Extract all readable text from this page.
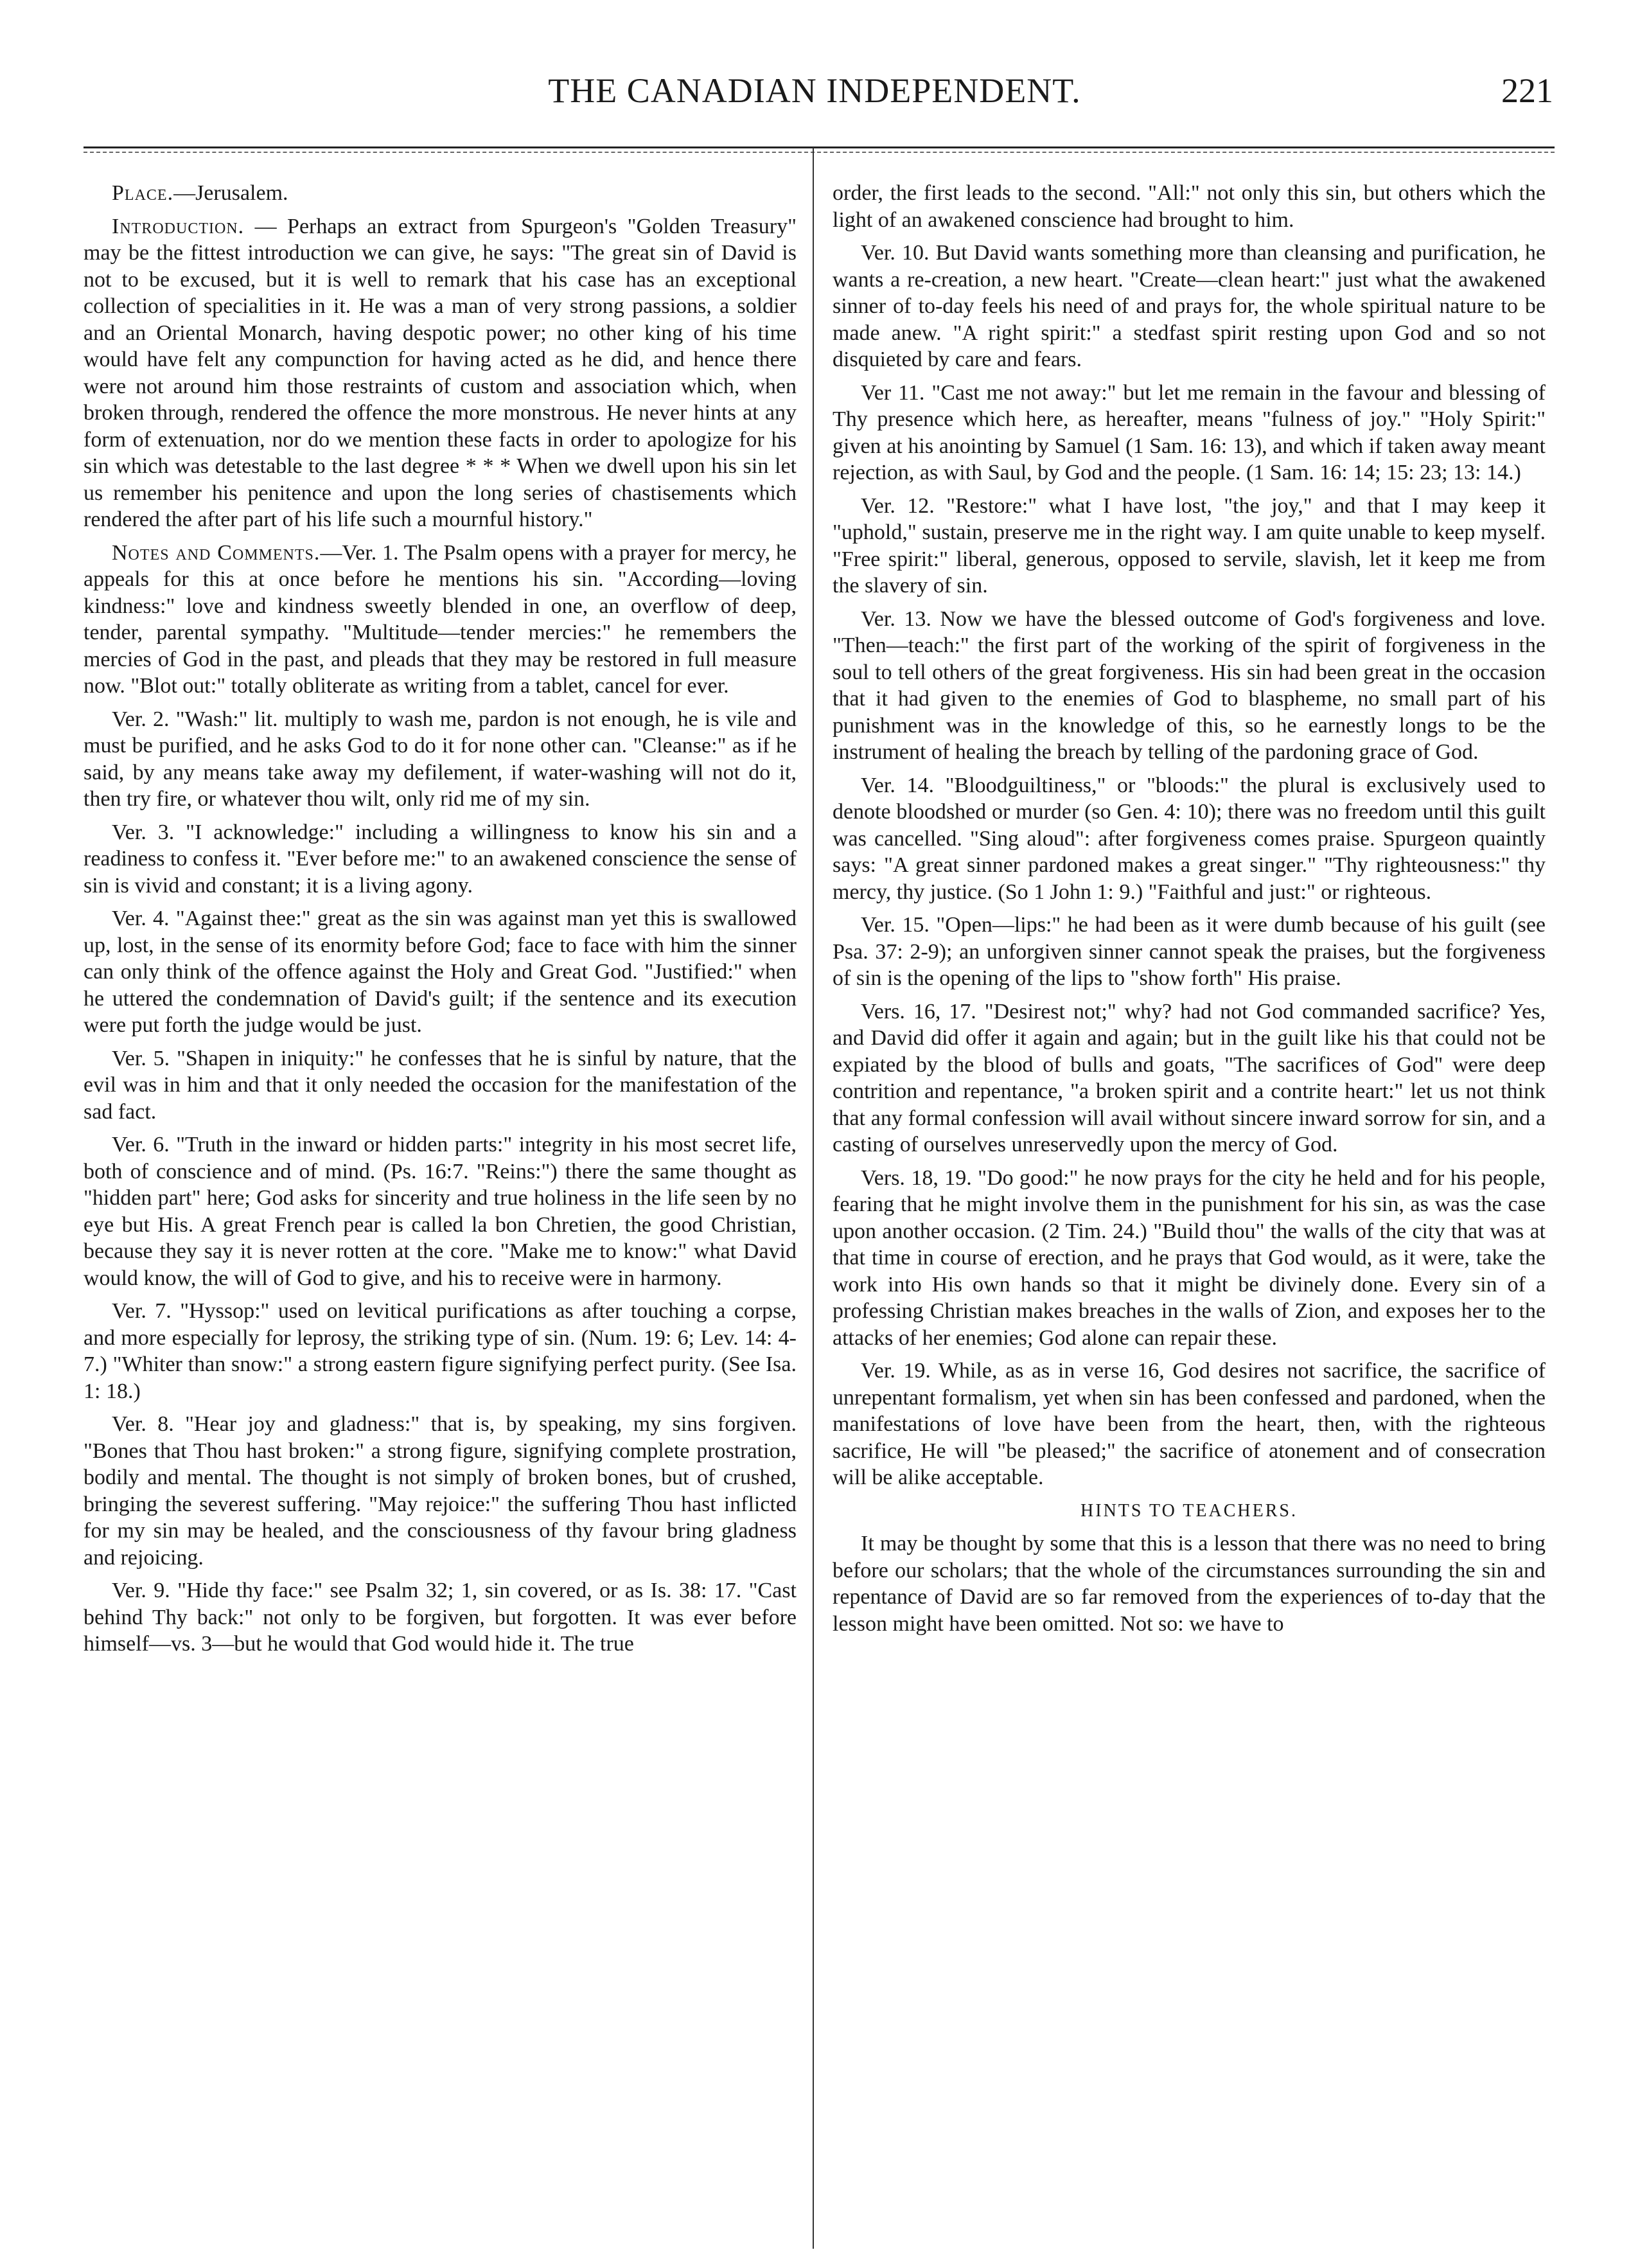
THE CANADIAN INDEPENDENT.	221

Place.—Jerusalem.

Introduction. — Perhaps an extract from Spurgeon's "Golden Treasury" may be the fittest introduction we can give, he says: "The great sin of David is not to be excused, but it is well to remark that his case has an exceptional collection of specialities in it. He was a man of very strong passions, a soldier and an Oriental Monarch, having despotic power; no other king of his time would have felt any compunction for having acted as he did, and hence there were not around him those restraints of custom and association which, when broken through, rendered the offence the more monstrous. He never hints at any form of extenuation, nor do we mention these facts in order to apologize for his sin which was detestable to the last degree * * * When we dwell upon his sin let us remember his penitence and upon the long series of chastisements which rendered the after part of his life such a mournful history."

Notes and Comments.—Ver. 1. The Psalm opens with a prayer for mercy, he appeals for this at once before he mentions his sin. "According—loving kindness:" love and kindness sweetly blended in one, an overflow of deep, tender, parental sympathy. "Multitude—tender mercies:" he remembers the mercies of God in the past, and pleads that they may be restored in full measure now. "Blot out:" totally obliterate as writing from a tablet, cancel for ever.

Ver. 2. "Wash:" lit. multiply to wash me, pardon is not enough, he is vile and must be purified, and he asks God to do it for none other can. "Cleanse:" as if he said, by any means take away my defilement, if water-washing will not do it, then try fire, or whatever thou wilt, only rid me of my sin.

Ver. 3. "I acknowledge:" including a willingness to know his sin and a readiness to confess it. "Ever before me:" to an awakened conscience the sense of sin is vivid and constant; it is a living agony.

Ver. 4. "Against thee:" great as the sin was against man yet this is swallowed up, lost, in the sense of its enormity before God; face to face with him the sinner can only think of the offence against the Holy and Great God. "Justified:" when he uttered the condemnation of David's guilt; if the sentence and its execution were put forth the judge would be just.

Ver. 5. "Shapen in iniquity:" he confesses that he is sinful by nature, that the evil was in him and that it only needed the occasion for the manifestation of the sad fact.

Ver. 6. "Truth in the inward or hidden parts:" integrity in his most secret life, both of conscience and of mind. (Ps. 16:7. "Reins:") there the same thought as "hidden part" here; God asks for sincerity and true holiness in the life seen by no eye but His. A great French pear is called la bon Chretien, the good Christian, because they say it is never rotten at the core. "Make me to know:" what David would know, the will of God to give, and his to receive were in harmony.

Ver. 7. "Hyssop:" used on levitical purifications as after touching a corpse, and more especially for leprosy, the striking type of sin. (Num. 19: 6; Lev. 14: 4-7.) "Whiter than snow:" a strong eastern figure signifying perfect purity. (See Isa. 1: 18.)

Ver. 8. "Hear joy and gladness:" that is, by speaking, my sins forgiven. "Bones that Thou hast broken:" a strong figure, signifying complete prostration, bodily and mental. The thought is not simply of broken bones, but of crushed, bringing the severest suffering. "May rejoice:" the suffering Thou hast inflicted for my sin may be healed, and the consciousness of thy favour bring gladness and rejoicing.

Ver. 9. "Hide thy face:" see Psalm 32; 1, sin covered, or as Is. 38: 17. "Cast behind Thy back:" not only to be forgiven, but forgotten. It was ever before himself—vs. 3—but he would that God would hide it. The true

order, the first leads to the second. "All:" not only this sin, but others which the light of an awakened conscience had brought to him.

Ver. 10. But David wants something more than cleansing and purification, he wants a re-creation, a new heart. "Create—clean heart:" just what the awakened sinner of to-day feels his need of and prays for, the whole spiritual nature to be made anew. "A right spirit:" a stedfast spirit resting upon God and so not disquieted by care and fears.

Ver 11. "Cast me not away:" but let me remain in the favour and blessing of Thy presence which here, as hereafter, means "fulness of joy." "Holy Spirit:" given at his anointing by Samuel (1 Sam. 16: 13), and which if taken away meant rejection, as with Saul, by God and the people. (1 Sam. 16: 14; 15: 23; 13: 14.)

Ver. 12. "Restore:" what I have lost, "the joy," and that I may keep it "uphold," sustain, preserve me in the right way. I am quite unable to keep myself. "Free spirit:" liberal, generous, opposed to servile, slavish, let it keep me from the slavery of sin.

Ver. 13. Now we have the blessed outcome of God's forgiveness and love. "Then—teach:" the first part of the working of the spirit of forgiveness in the soul to tell others of the great forgiveness. His sin had been great in the occasion that it had given to the enemies of God to blaspheme, no small part of his punishment was in the knowledge of this, so he earnestly longs to be the instrument of healing the breach by telling of the pardoning grace of God.

Ver. 14. "Bloodguiltiness," or "bloods:" the plural is exclusively used to denote bloodshed or murder (so Gen. 4: 10); there was no freedom until this guilt was cancelled. "Sing aloud": after forgiveness comes praise. Spurgeon quaintly says: "A great sinner pardoned makes a great singer." "Thy righteousness:" thy mercy, thy justice. (So 1 John 1: 9.) "Faithful and just:" or righteous.

Ver. 15. "Open—lips:" he had been as it were dumb because of his guilt (see Psa. 37: 2-9); an unforgiven sinner cannot speak the praises, but the forgiveness of sin is the opening of the lips to "show forth" His praise.

Vers. 16, 17. "Desirest not;" why? had not God commanded sacrifice? Yes, and David did offer it again and again; but in the guilt like his that could not be expiated by the blood of bulls and goats, "The sacrifices of God" were deep contrition and repentance, "a broken spirit and a contrite heart:" let us not think that any formal confession will avail without sincere inward sorrow for sin, and a casting of ourselves unreservedly upon the mercy of God.

Vers. 18, 19. "Do good:" he now prays for the city he held and for his people, fearing that he might involve them in the punishment for his sin, as was the case upon another occasion. (2 Tim. 24.) "Build thou" the walls of the city that was at that time in course of erection, and he prays that God would, as it were, take the work into His own hands so that it might be divinely done. Every sin of a professing Christian makes breaches in the walls of Zion, and exposes her to the attacks of her enemies; God alone can repair these.

Ver. 19. While, as as in verse 16, God desires not sacrifice, the sacrifice of unrepentant formalism, yet when sin has been confessed and pardoned, when the manifestations of love have been from the heart, then, with the righteous sacrifice, He will "be pleased;" the sacrifice of atonement and of consecration will be alike acceptable.

HINTS TO TEACHERS.

It may be thought by some that this is a lesson that there was no need to bring before our scholars; that the whole of the circumstances surrounding the sin and repentance of David are so far removed from the experiences of to-day that the lesson might have been omitted. Not so: we have to
